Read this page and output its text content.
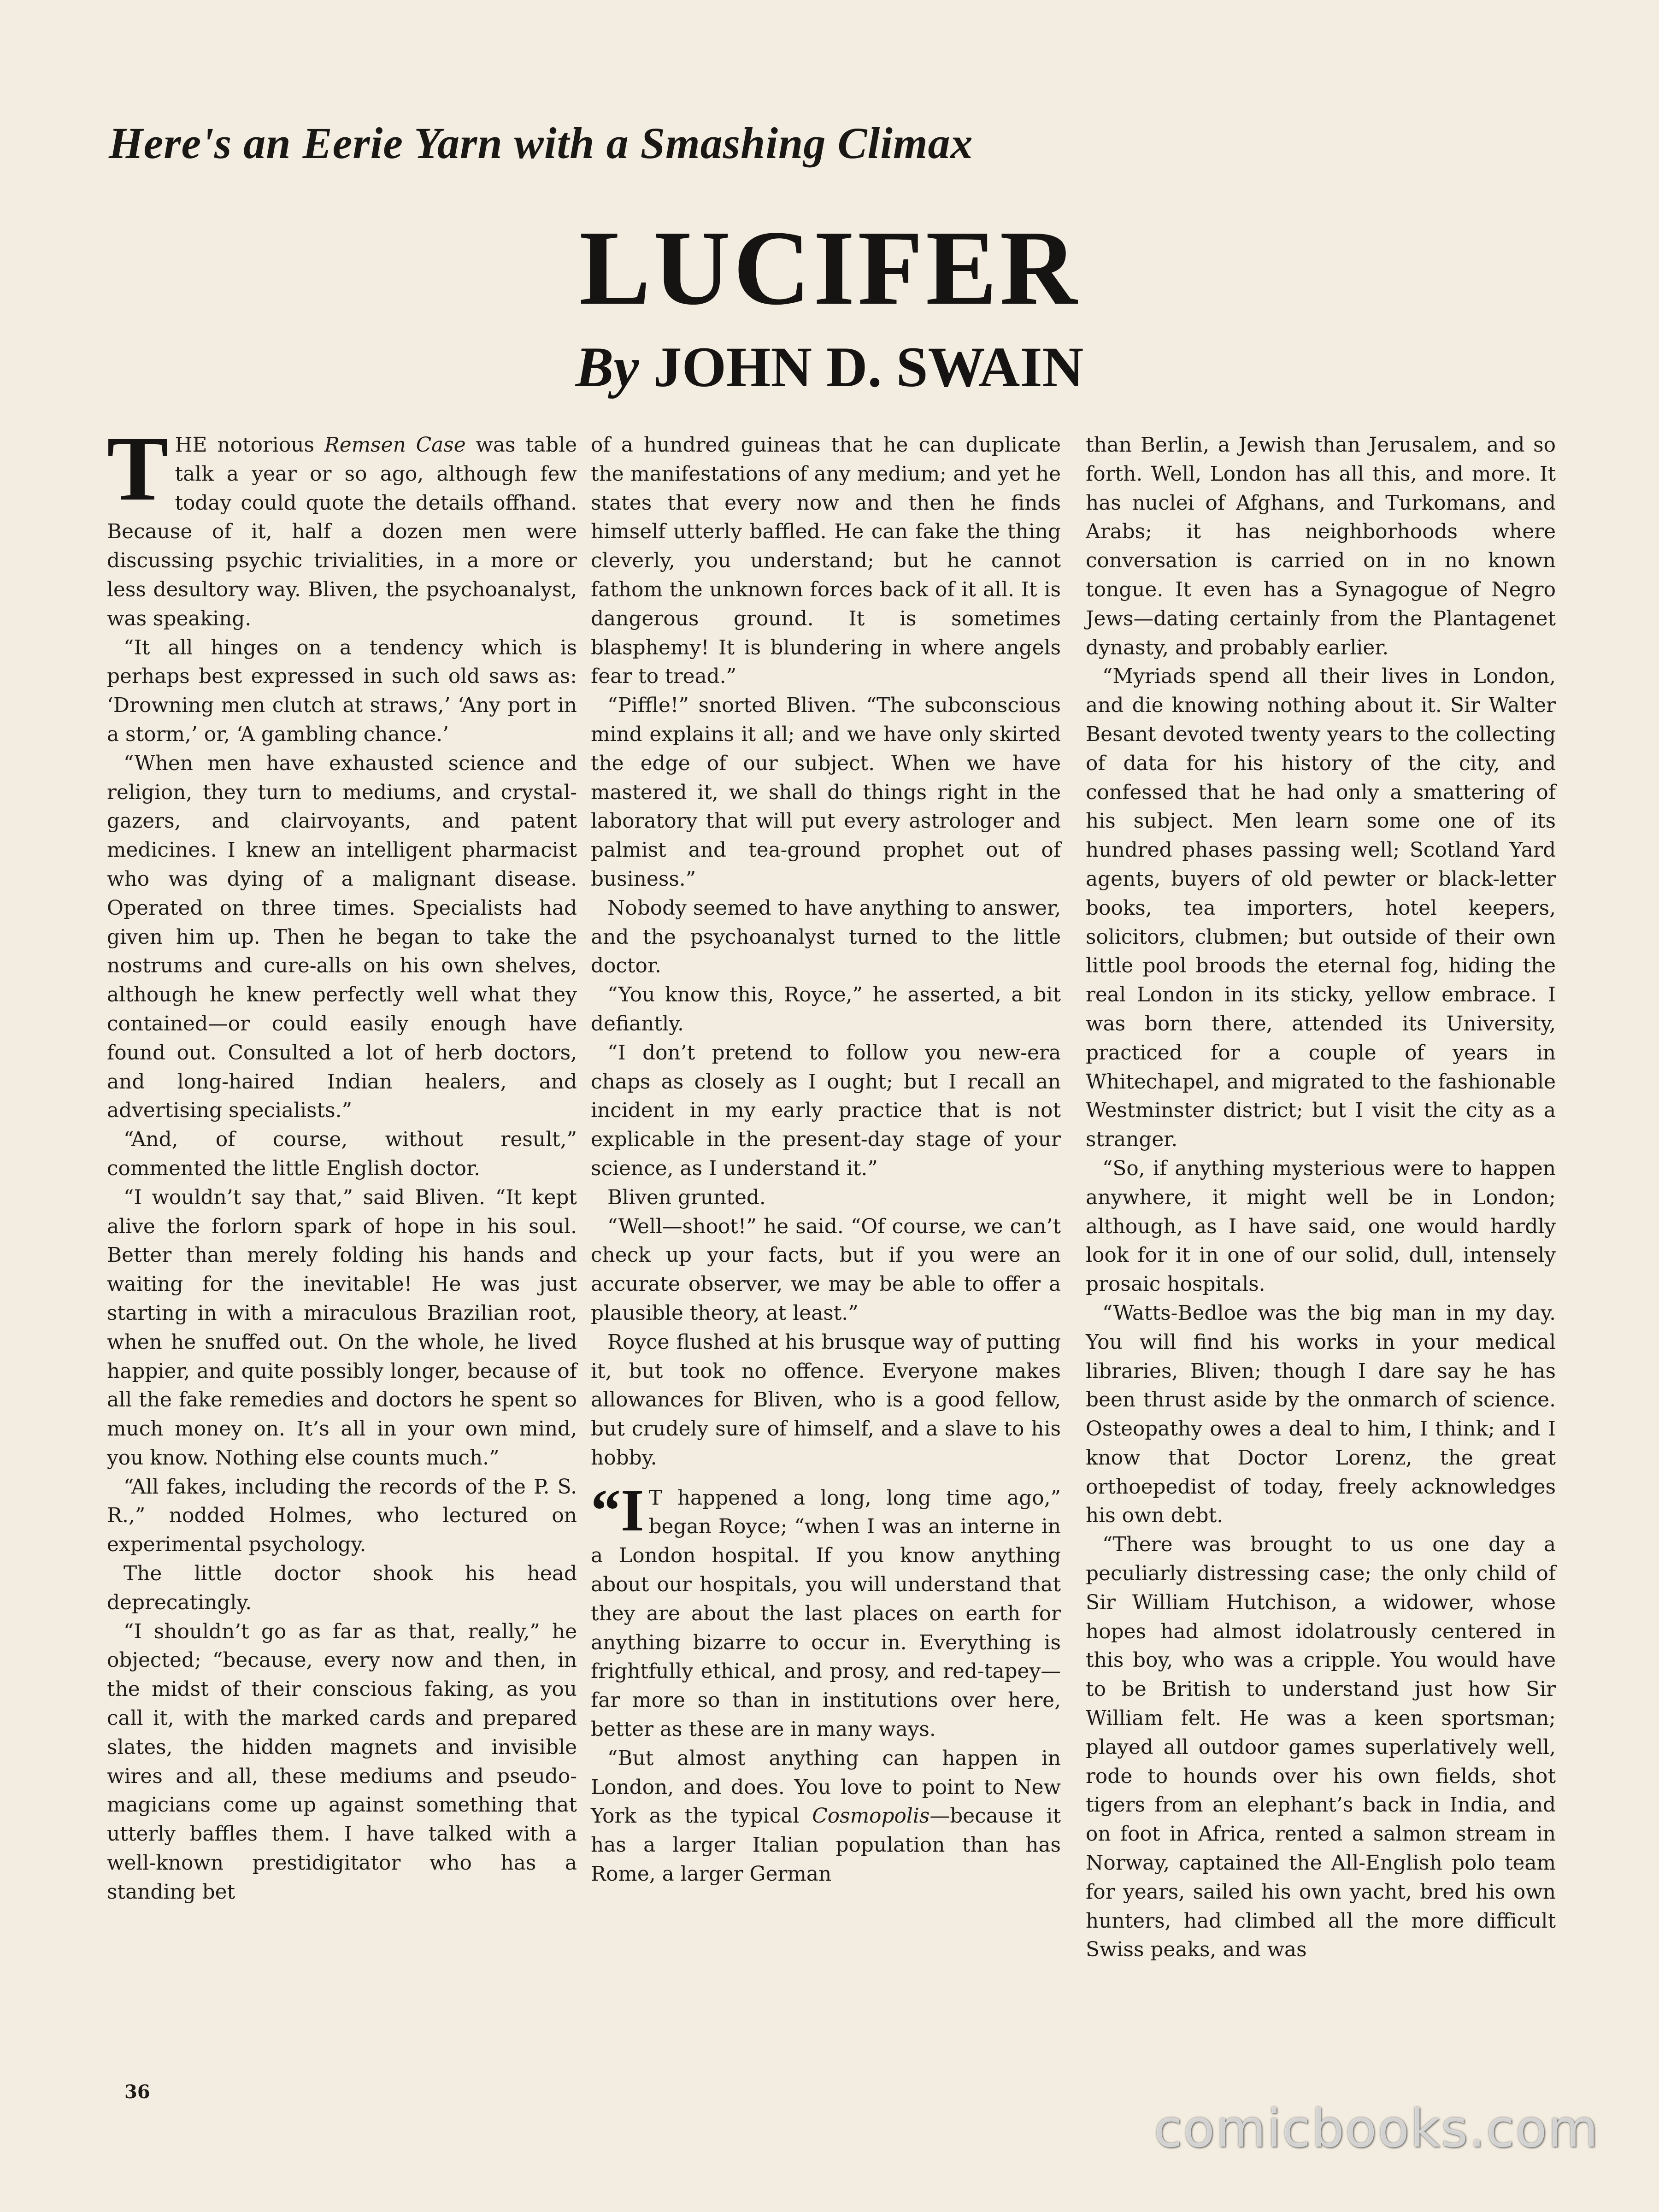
Here's an Eerie Yarn with a Smashing Climax
LUCIFER
By JOHN D. SWAIN

THE notorious Remsen Case was table talk a year or so ago, although few today could quote the details offhand. Because of it, half a dozen men were discussing psychic trivialities, in a more or less desultory way. Bliven, the psychoanalyst, was speaking.

“It all hinges on a tendency which is perhaps best expressed in such old saws as: ‘Drowning men clutch at straws,’ ‘Any port in a storm,’ or, ‘A gambling chance.’

“When men have exhausted science and religion, they turn to mediums, and crystal-gazers, and clairvoyants, and patent medicines. I knew an intelligent pharmacist who was dying of a malignant disease. Operated on three times. Specialists had given him up. Then he began to take the nostrums and cure-alls on his own shelves, although he knew perfectly well what they contained—or could easily enough have found out. Consulted a lot of herb doctors, and long-haired Indian healers, and advertising specialists.”

“And, of course, without result,” commented the little English doctor.

“I wouldn’t say that,” said Bliven. “It kept alive the forlorn spark of hope in his soul. Better than merely folding his hands and waiting for the inevitable! He was just starting in with a miraculous Brazilian root, when he snuffed out. On the whole, he lived happier, and quite possibly longer, because of all the fake remedies and doctors he spent so much money on. It’s all in your own mind, you know. Nothing else counts much.”

“All fakes, including the records of the P. S. R.,” nodded Holmes, who lectured on experimental psychology.

The little doctor shook his head deprecatingly.

“I shouldn’t go as far as that, really,” he objected; “because, every now and then, in the midst of their conscious faking, as you call it, with the marked cards and prepared slates, the hidden magnets and invisible wires and all, these mediums and pseudo-magicians come up against something that utterly baffles them. I have talked with a well-known prestidigitator who has a standing bet

of a hundred guineas that he can duplicate the manifestations of any medium; and yet he states that every now and then he finds himself utterly baffled. He can fake the thing cleverly, you understand; but he cannot fathom the unknown forces back of it all. It is dangerous ground. It is sometimes blasphemy! It is blundering in where angels fear to tread.”

“Piffle!” snorted Bliven. “The subconscious mind explains it all; and we have only skirted the edge of our subject. When we have mastered it, we shall do things right in the laboratory that will put every astrologer and palmist and tea-ground prophet out of business.”

Nobody seemed to have anything to answer, and the psychoanalyst turned to the little doctor.

“You know this, Royce,” he asserted, a bit defiantly.

“I don’t pretend to follow you new-era chaps as closely as I ought; but I recall an incident in my early practice that is not explicable in the present-day stage of your science, as I understand it.”

Bliven grunted.

“Well—shoot!” he said. “Of course, we can’t check up your facts, but if you were an accurate observer, we may be able to offer a plausible theory, at least.”

Royce flushed at his brusque way of putting it, but took no offence. Everyone makes allowances for Bliven, who is a good fellow, but crudely sure of himself, and a slave to his hobby.

“I T happened a long, long time ago,” began Royce; “when I was an interne in a London hospital. If you know anything about our hospitals, you will understand that they are about the last places on earth for anything bizarre to occur in. Everything is frightfully ethical, and prosy, and red-tapey—far more so than in institutions over here, better as these are in many ways.

“But almost anything can happen in London, and does. You love to point to New York as the typical Cosmopolis—because it has a larger Italian population than has Rome, a larger German

than Berlin, a Jewish than Jerusalem, and so forth. Well, London has all this, and more. It has nuclei of Afghans, and Turkomans, and Arabs; it has neighborhoods where conversation is carried on in no known tongue. It even has a Synagogue of Negro Jews—dating certainly from the Plantagenet dynasty, and probably earlier.

“Myriads spend all their lives in London, and die knowing nothing about it. Sir Walter Besant devoted twenty years to the collecting of data for his history of the city, and confessed that he had only a smattering of his subject. Men learn some one of its hundred phases passing well; Scotland Yard agents, buyers of old pewter or black-letter books, tea importers, hotel keepers, solicitors, clubmen; but outside of their own little pool broods the eternal fog, hiding the real London in its sticky, yellow embrace. I was born there, attended its University, practiced for a couple of years in Whitechapel, and migrated to the fashionable Westminster district; but I visit the city as a stranger.

“So, if anything mysterious were to happen anywhere, it might well be in London; although, as I have said, one would hardly look for it in one of our solid, dull, intensely prosaic hospitals.

“Watts-Bedloe was the big man in my day. You will find his works in your medical libraries, Bliven; though I dare say he has been thrust aside by the onmarch of science. Osteopathy owes a deal to him, I think; and I know that Doctor Lorenz, the great orthoepedist of today, freely acknowledges his own debt.

“There was brought to us one day a peculiarly distressing case; the only child of Sir William Hutchison, a widower, whose hopes had almost idolatrously centered in this boy, who was a cripple. You would have to be British to understand just how Sir William felt. He was a keen sportsman; played all outdoor games superlatively well, rode to hounds over his own fields, shot tigers from an elephant’s back in India, and on foot in Africa, rented a salmon stream in Norway, captained the All-English polo team for years, sailed his own yacht, bred his own hunters, had climbed all the more difficult Swiss peaks, and was

36
comicbooks.com
